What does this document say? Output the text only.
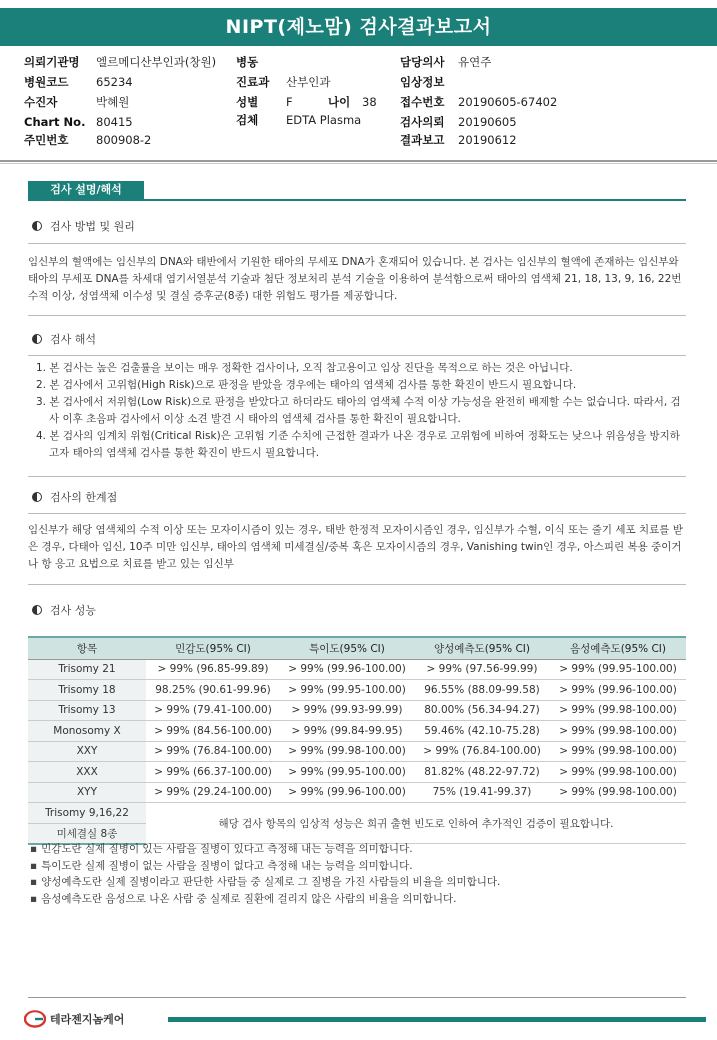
NIPT(제노맘) 검사결과보고서
의뢰기관명 엘르메디산부인과(창원)
병원코드 65234
수진자	박혜원
Chart No. 80415
주민번호 800908-2
병동
진료과 산부인과
성별 F	나이 38
검체 EDTA Plasma
담당의사 유연주
임상정보
접수번호 20190605-67402
검사의뢰 20190605
결과보고 20190612
검사 설명/해석
검사 방법 및 원리
임신부의 혈액에는 임신부의 DNA와 태반에서 기원한 태아의 무세포 DNA가 혼재되어 있습니다. 본 검사는 임신부의 혈액에 존재하는 임신부와 태아의 무세포 DNA를 차세대 염기서열분석 기술과 첨단 정보처리 분석 기술을 이용하여 분석함으로써 태아의 염색체 21, 18, 13, 9, 16, 22번 수적 이상, 성염색체 이수성 및 결실 증후군(8종) 대한 위험도 평가를 제공합니다.
검사 해석
1. 본 검사는 높은 검출률을 보이는 매우 정확한 검사이나, 오직 참고용이고 임상 진단을 목적으로 하는 것은 아닙니다.
2. 본 검사에서 고위험(High Risk)으로 판정을 받았을 경우에는 태아의 염색체 검사를 통한 확진이 반드시 필요합니다.
3. 본 검사에서 저위험(Low Risk)으로 판정을 받았다고 하더라도 태아의 염색체 수적 이상 가능성을 완전히 배제할 수는 없습니다. 따라서, 검사 이후 초음파 검사에서 이상 소견 발견 시 태아의 염색체 검사를 통한 확진이 필요합니다.
4. 본 검사의 임계치 위험(Critical Risk)은 고위험 기준 수치에 근접한 결과가 나온 경우로 고위험에 비하여 정확도는 낮으나 위음성을 방지하고자 태아의 염색체 검사를 통한 확진이 반드시 필요합니다.
검사의 한계점
임신부가 해당 염색체의 수적 이상 또는 모자이시즘이 있는 경우, 태반 한정적 모자이시즘인 경우, 임신부가 수혈, 이식 또는 줄기 세포 치료를 받은 경우, 다태아 임신, 10주 미만 임신부, 태아의 염색체 미세결실/중복 혹은 모자이시즘의 경우, Vanishing twin인 경우, 아스피린 복용 중이거나 항 응고 요법으로 치료를 받고 있는 임신부
검사 성능
항목	민감도(95% CI)	특이도(95% CI)	양성예측도(95% CI)	음성예측도(95% CI)
Trisomy 21	> 99% (96.85-99.89)	> 99% (99.96-100.00)	> 99% (97.56-99.99)	> 99% (99.95-100.00)
Trisomy 18	98.25% (90.61-99.96)	> 99% (99.95-100.00)	96.55% (88.09-99.58)	> 99% (99.96-100.00)
Trisomy 13	> 99% (79.41-100.00)	> 99% (99.93-99.99)	80.00% (56.34-94.27)	> 99% (99.98-100.00)
Monosomy X	> 99% (84.56-100.00)	> 99% (99.84-99.95)	59.46% (42.10-75.28)	> 99% (99.98-100.00)
XXY	> 99% (76.84-100.00)	> 99% (99.98-100.00)	> 99% (76.84-100.00)	> 99% (99.98-100.00)
XXX	> 99% (66.37-100.00)	> 99% (99.95-100.00)	81.82% (48.22-97.72)	> 99% (99.98-100.00)
XYY	> 99% (29.24-100.00)	> 99% (99.96-100.00)	75% (19.41-99.37)	> 99% (99.98-100.00)
Trisomy 9,16,22	해당 검사 항목의 임상적 성능은 희귀 출현 빈도로 인하여 추가적인 검증이 필요합니다.			
미세결실 8종				
▪ 민감도란 실제 질병이 있는 사람을 질병이 있다고 측정해 내는 능력을 의미합니다.
▪ 특이도란 실제 질병이 없는 사람을 질병이 없다고 측정해 내는 능력을 의미합니다.
▪ 양성예측도란 실제 질병이라고 판단한 사람들 중 실제로 그 질병을 가진 사람들의 비율을 의미합니다.
▪ 음성예측도란 음성으로 나온 사람 중 실제로 질환에 걸리지 않은 사람의 비율을 의미합니다.
테라젠지놈케어
